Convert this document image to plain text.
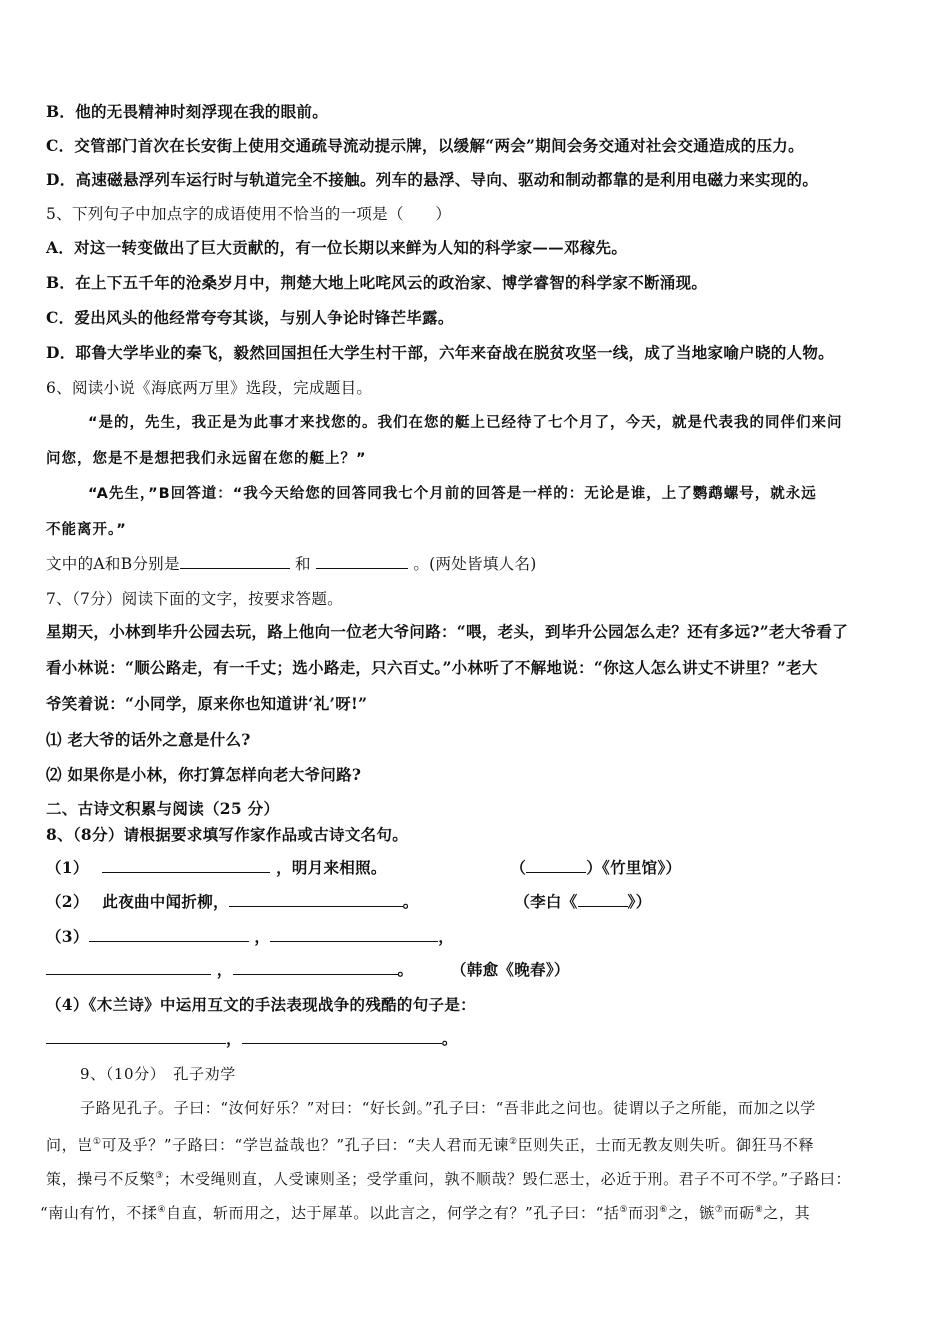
B．他的无畏精神时刻浮现在我的眼前。
C．交管部门首次在长安街上使用交通疏导流动提示牌，以缓解“两会”期间会务交通对社会交通造成的压力。
D．高速磁悬浮列车运行时与轨道完全不接触。列车的悬浮、导向、驱动和制动都靠的是利用电磁力来实现的。
5、下列句子中加点字的成语使用不恰当的一项是（　　）
A．对这一转变做出了巨大贡献的，有一位长期以来鲜为人知的科学家——邓稼先。
B．在上下五千年的沧桑岁月中，荆楚大地上叱咤风云的政治家、博学睿智的科学家不断涌现。
C．爱出风头的他经常夸夸其谈，与别人争论时锋芒毕露。
D．耶鲁大学毕业的秦飞，毅然回国担任大学生村干部，六年来奋战在脱贫攻坚一线，成了当地家喻户晓的人物。
6、阅读小说《海底两万里》选段，完成题目。
“是的，先生，我正是为此事才来找您的。我们在您的艇上已经待了七个月了，今天，就是代表我的同伴们来问
问您，您是不是想把我们永远留在您的艇上？”
“A先生，”B回答道：“我今天给您的回答同我七个月前的回答是一样的：无论是谁，上了鹦鹉螺号，就永远
不能离开。”
文中的A和B分别是	和	。(两处皆填人名)
7、（7分）阅读下面的文字，按要求答题。
星期天，小林到毕升公园去玩，路上他向一位老大爷问路：“喂，老头，到毕升公园怎么走？还有多远?”老大爷看了
看小林说：“顺公路走，有一千丈；选小路走，只六百丈。”小林听了不解地说：“你这人怎么讲丈不讲里？”老大
爷笑着说：“小同学，原来你也知道讲‘礼’呀!”
⑴ 老大爷的话外之意是什么?
⑵ 如果你是小林，你打算怎样向老大爷问路?
二、古诗文积累与阅读（25 分）
8、（8分）请根据要求填写作家作品或古诗文名句。
（1）	，明月来相照。	（	）《竹里馆》）
（2） 此夜曲中闻折柳，	。	（李白《	》）
（3）	，	，
，	。 （韩愈《晚春》）
（4）《木兰诗》中运用互文的手法表现战争的残酷的句子是：
，	。
9、（10分）　孔子劝学
子路见孔子。子曰：“汝何好乐？”对曰：“好长剑。”孔子曰：“吾非此之问也。徒谓以子之所能，而加之以学
问，岂①可及乎？”子路曰：“学岂益哉也？”孔子曰：“夫人君而无谏②臣则失正，士而无教友则失听。御狂马不释
策，操弓不反檠③；木受绳则直，人受谏则圣；受学重问，孰不顺哉？毁仁恶士，必近于刑。君子不可不学。”子路曰：
“南山有竹，不揉④自直，斩而用之，达于犀革。以此言之，何学之有？”孔子曰：“括⑤而羽⑥之，镞⑦而砺⑧之，其
